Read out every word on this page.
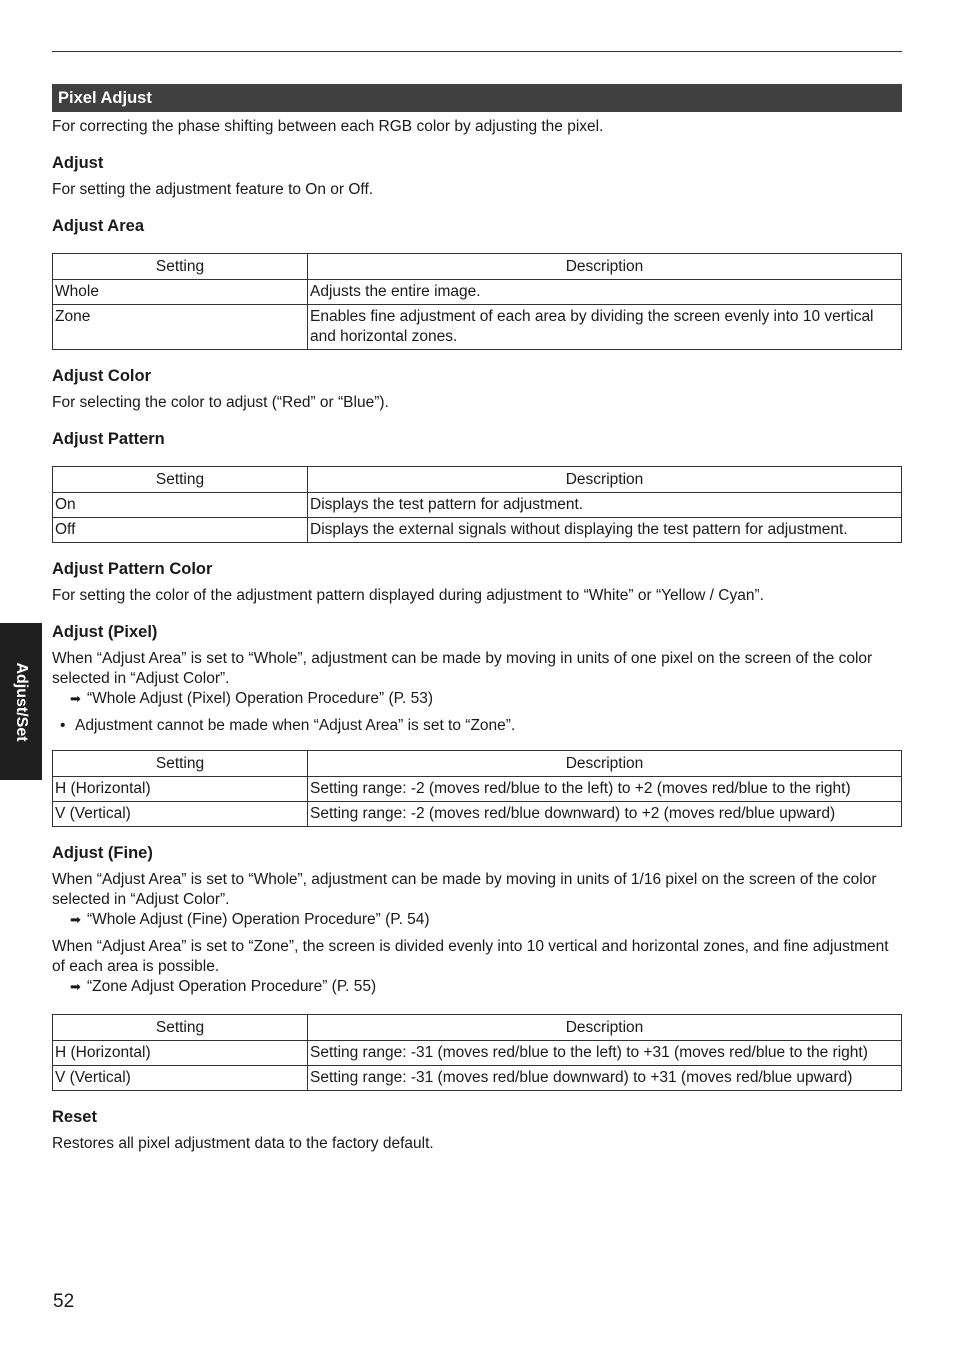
Pixel Adjust

For correcting the phase shifting between each RGB color by adjusting the pixel.

Adjust

For setting the adjustment feature to On or Off.

Adjust Area
Setting	Description
Whole	Adjusts the entire image.
Zone	Enables fine adjustment of each area by dividing the screen evenly into 10 vertical and horizontal zones.
Adjust Color

For selecting the color to adjust (“Red” or “Blue”).

Adjust Pattern
Setting	Description
On	Displays the test pattern for adjustment.
Off	Displays the external signals without displaying the test pattern for adjustment.
Adjust Pattern Color

For setting the color of the adjustment pattern displayed during adjustment to “White” or “Yellow / Cyan”.

Adjust (Pixel)

When “Adjust Area” is set to “Whole”, adjustment can be made by moving in units of one pixel on the screen of the color selected in “Adjust Color”.

➡ “Whole Adjust (Pixel) Operation Procedure” (P. 53)
• Adjustment cannot be made when “Adjust Area” is set to “Zone”.
Setting	Description
H (Horizontal)	Setting range: -2 (moves red/blue to the left) to +2 (moves red/blue to the right)
V (Vertical)	Setting range: -2 (moves red/blue downward) to +2 (moves red/blue upward)
Adjust (Fine)

When “Adjust Area” is set to “Whole”, adjustment can be made by moving in units of 1/16 pixel on the screen of the color selected in “Adjust Color”.

➡ “Whole Adjust (Fine) Operation Procedure” (P. 54)

When “Adjust Area” is set to “Zone”, the screen is divided evenly into 10 vertical and horizontal zones, and fine adjustment of each area is possible.

➡ “Zone Adjust Operation Procedure” (P. 55)
Setting	Description
H (Horizontal)	Setting range: -31 (moves red/blue to the left) to +31 (moves red/blue to the right)
V (Vertical)	Setting range: -31 (moves red/blue downward) to +31 (moves red/blue upward)
Reset

Restores all pixel adjustment data to the factory default.

Adjust/Set
52
